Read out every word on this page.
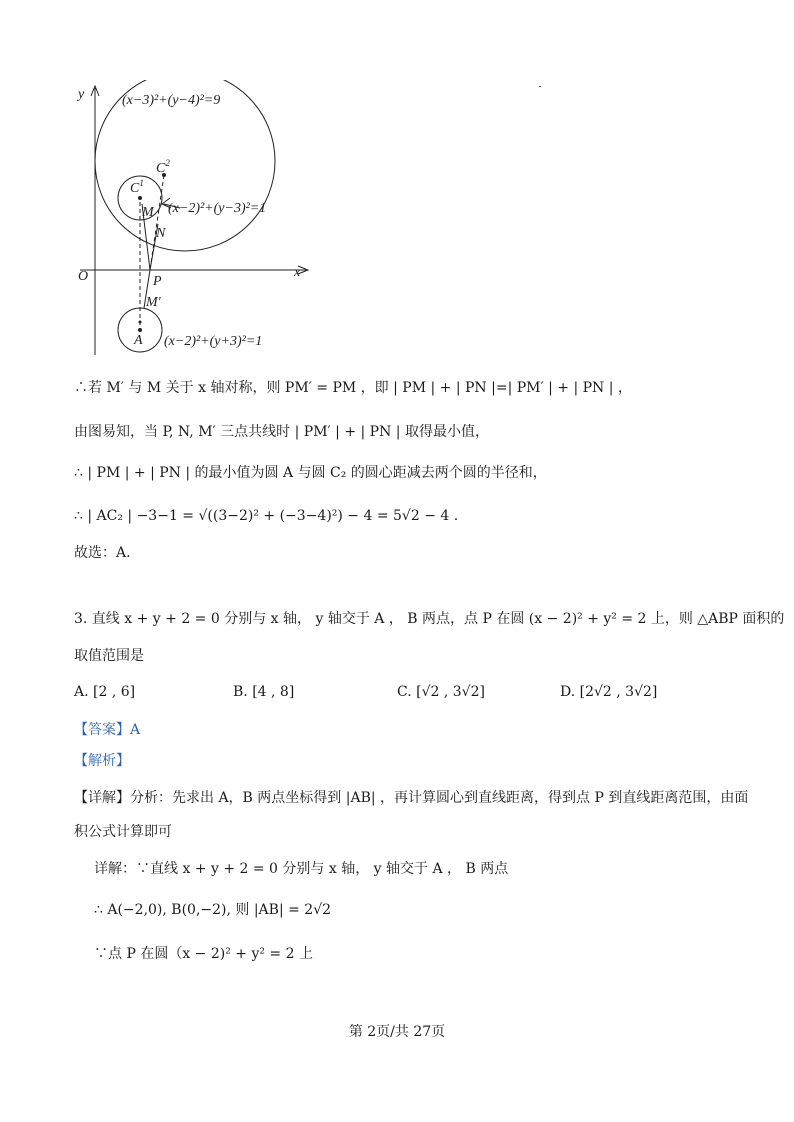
y
x
O
(x−3)²+(y−4)²=9
$C^2$
$C^1$
M (x−2)²+(y−3)²=1
N
P
M′
A (x−2)²+(y+3)²=1
∴若 M′ 与 M 关于 x 轴对称，则 PM′ = PM ，即 | PM | + | PN |=| PM′ | + | PN | ，
由图易知，当 P, N, M′ 三点共线时 | PM′ | + | PN | 取得最小值，
∴ | PM | + | PN | 的最小值为圆 A 与圆 C₂ 的圆心距减去两个圆的半径和，
∴ | AC₂ | −3−1 = √((3−2)² + (−3−4)²) − 4 = 5√2 − 4 .
故选：A.
3. 直线 x + y + 2 = 0 分别与 x 轴， y 轴交于 A ， B 两点，点 P 在圆 (x − 2)² + y² = 2 上，则 △ABP 面积的
取值范围是
A. [2 , 6]	B. [4 , 8]	C. [√2 , 3√2]	D. [2√2 , 3√2]
【答案】A
【解析】
【详解】分析：先求出 A，B 两点坐标得到 |AB| ，再计算圆心到直线距离，得到点 P 到直线距离范围，由面
积公式计算即可
详解：∵直线 x + y + 2 = 0 分别与 x 轴， y 轴交于 A ， B 两点
∴ A(−2,0), B(0,−2), 则 |AB| = 2√2
∵点 P 在圆（x − 2)² + y² = 2 上
第 2页/共 27页
